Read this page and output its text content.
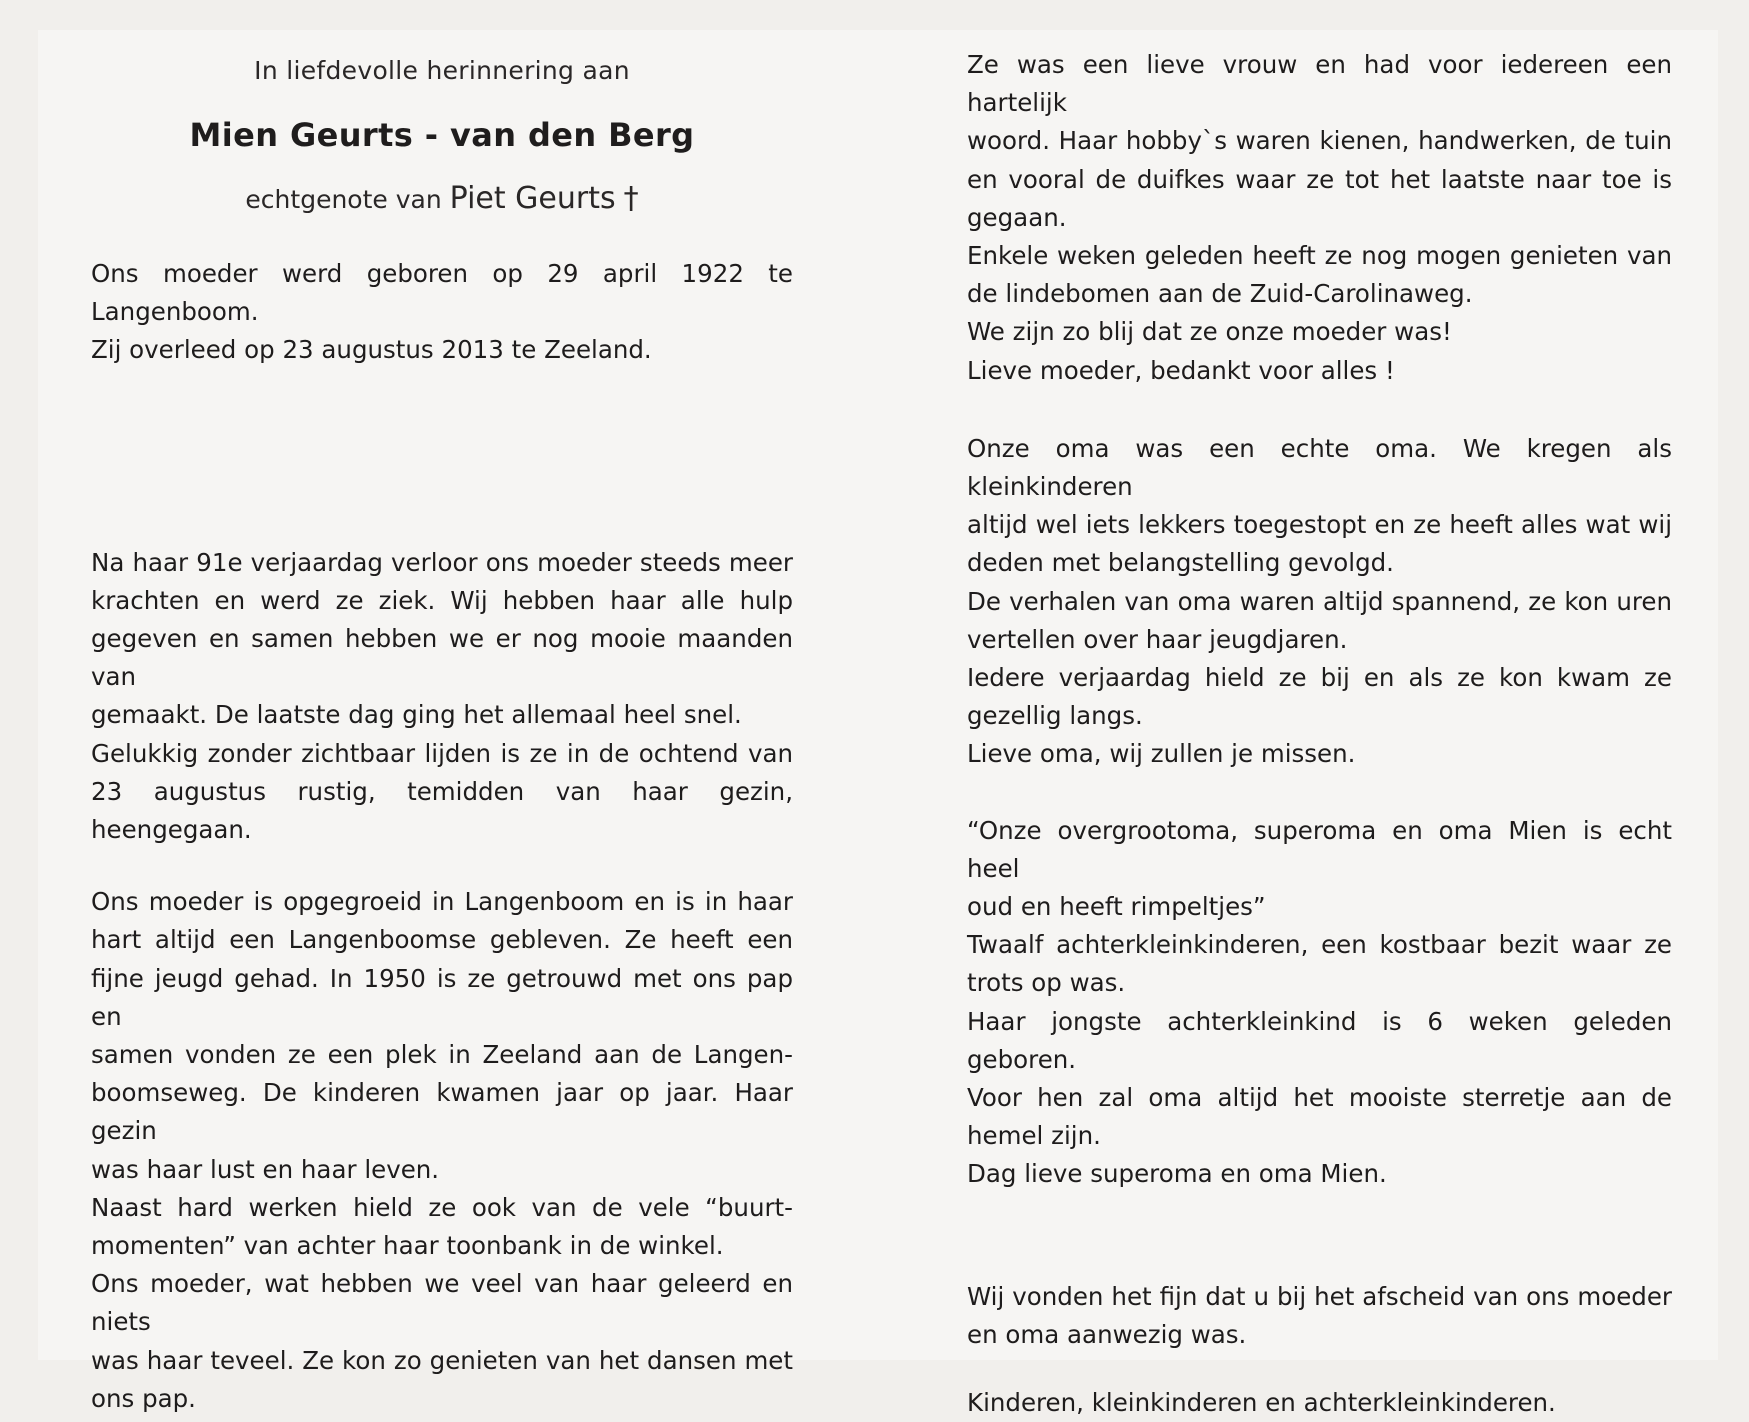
In liefdevolle herinnering aan
Mien Geurts - van den Berg
echtgenote van Piet Geurts †
Ons moeder werd geboren op 29 april 1922 te Langenboom.
Zij overleed op 23 augustus 2013 te Zeeland.
Na haar 91e verjaardag verloor ons moeder steeds meer
krachten en werd ze ziek. Wij hebben haar alle hulp
gegeven en samen hebben we er nog mooie maanden van
gemaakt. De laatste dag ging het allemaal heel snel.
Gelukkig zonder zichtbaar lijden is ze in de ochtend van
23 augustus rustig, temidden van haar gezin, heengegaan.
Ons moeder is opgegroeid in Langenboom en is in haar
hart altijd een Langenboomse gebleven. Ze heeft een
fijne jeugd gehad. In 1950 is ze getrouwd met ons pap en
samen vonden ze een plek in Zeeland aan de Langen-
boomseweg. De kinderen kwamen jaar op jaar. Haar gezin
was haar lust en haar leven.
Naast hard werken hield ze ook van de vele “buurt-
momenten” van achter haar toonbank in de winkel.
Ons moeder, wat hebben we veel van haar geleerd en niets
was haar teveel. Ze kon zo genieten van het dansen met
ons pap.
Ze was een lieve vrouw en had voor iedereen een hartelijk
woord. Haar hobby`s waren kienen, handwerken, de tuin
en vooral de duifkes waar ze tot het laatste naar toe is
gegaan.
Enkele weken geleden heeft ze nog mogen genieten van
de lindebomen aan de Zuid-Carolinaweg.
We zijn zo blij dat ze onze moeder was!
Lieve moeder, bedankt voor alles !
Onze oma was een echte oma. We kregen als kleinkinderen
altijd wel iets lekkers toegestopt en ze heeft alles wat wij
deden met belangstelling gevolgd.
De verhalen van oma waren altijd spannend, ze kon uren
vertellen over haar jeugdjaren.
Iedere verjaardag hield ze bij en als ze kon kwam ze
gezellig langs.
Lieve oma, wij zullen je missen.
“Onze overgrootoma, superoma en oma Mien is echt heel
oud en heeft rimpeltjes”
Twaalf achterkleinkinderen, een kostbaar bezit waar ze
trots op was.
Haar jongste achterkleinkind is 6 weken geleden geboren.
Voor hen zal oma altijd het mooiste sterretje aan de
hemel zijn.
Dag lieve superoma en oma Mien.
Wij vonden het fijn dat u bij het afscheid van ons moeder
en oma aanwezig was.
Kinderen, kleinkinderen en achterkleinkinderen.
